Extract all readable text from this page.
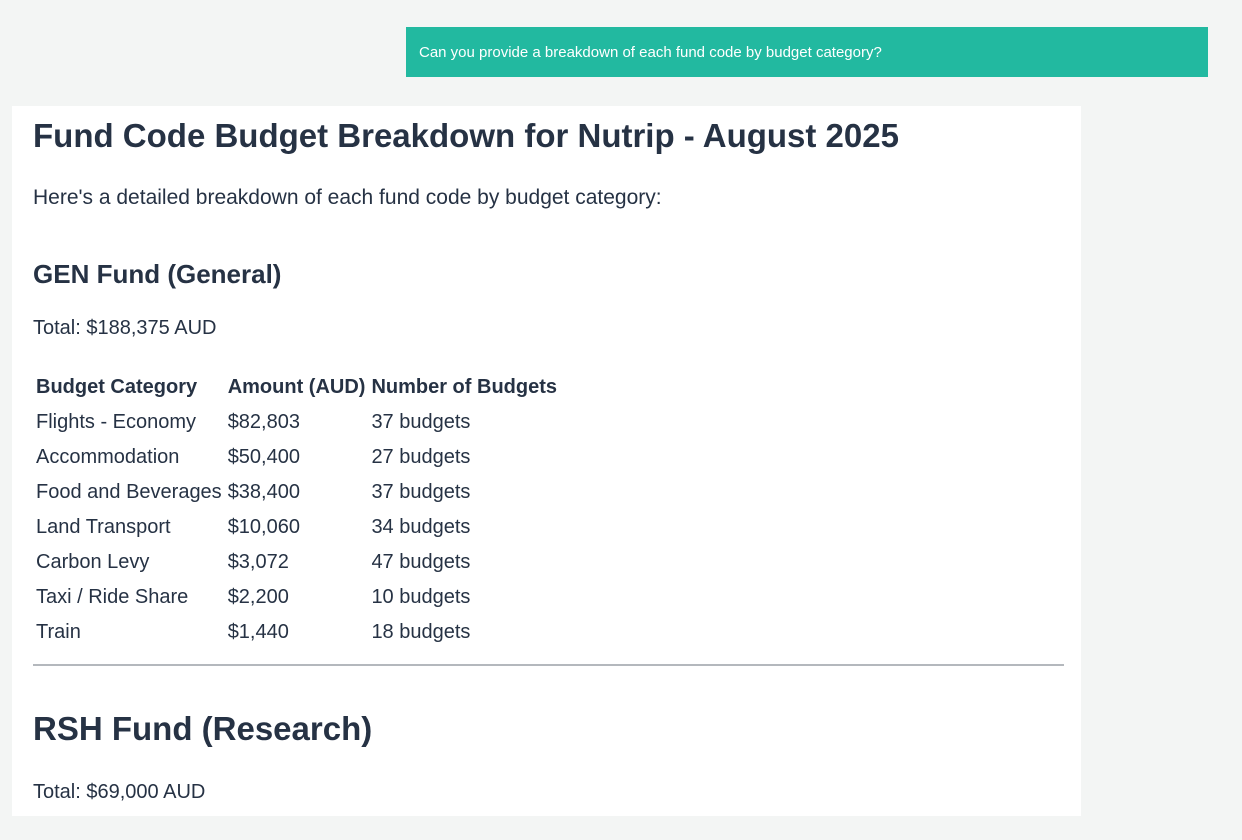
Can you provide a breakdown of each fund code by budget category?
Fund Code Budget Breakdown for Nutrip - August 2025

Here's a detailed breakdown of each fund code by budget category:

GEN Fund (General)

Total: $188,375 AUD

Budget Category	Amount (AUD)	Number of Budgets
Flights - Economy	$82,803	37 budgets
Accommodation	$50,400	27 budgets
Food and Beverages	$38,400	37 budgets
Land Transport	$10,060	34 budgets
Carbon Levy	$3,072	47 budgets
Taxi / Ride Share	$2,200	10 budgets
Train	$1,440	18 budgets
RSH Fund (Research)

Total: $69,000 AUD
